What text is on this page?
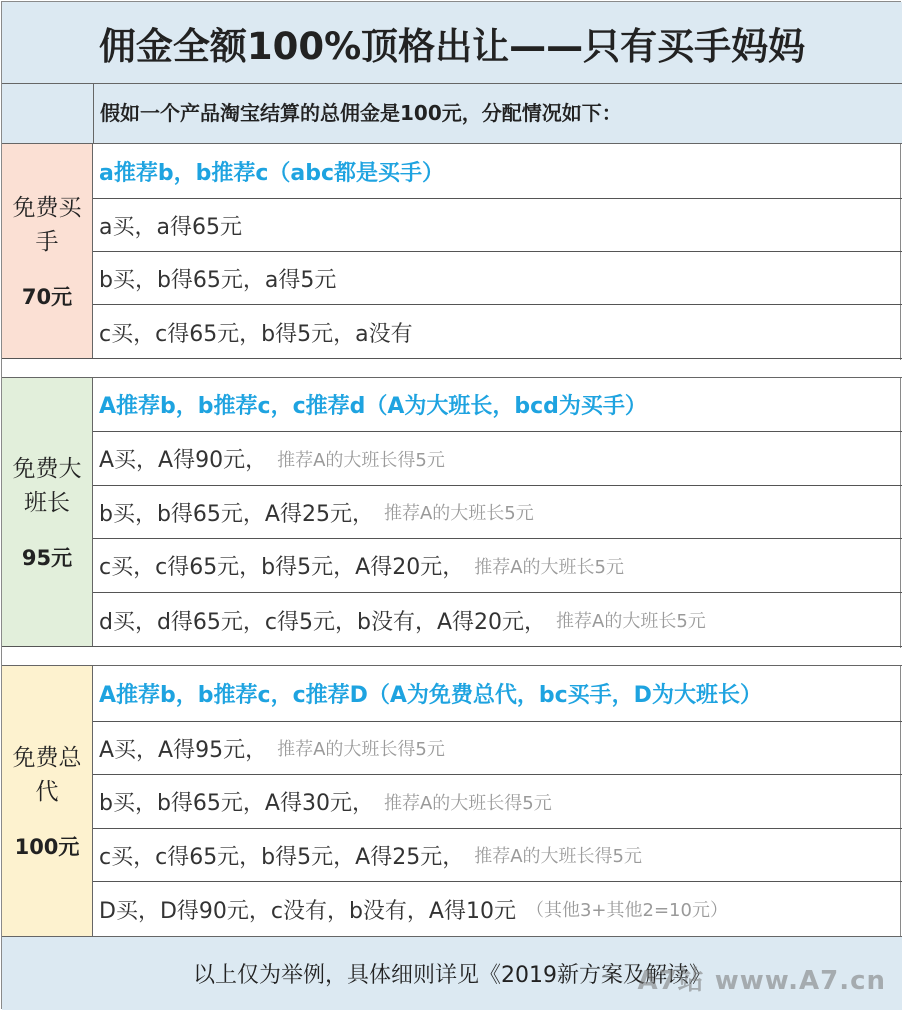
佣金全额100%顶格出让——只有买手妈妈
假如一个产品淘宝结算的总佣金是100元，分配情况如下：
免费买手
70元
a推荐b，b推荐c（abc都是买手）
a买，a得65元
b买，b得65元，a得5元
c买，c得65元，b得5元，a没有
免费大班长
95元
A推荐b，b推荐c，c推荐d（A为大班长，bcd为买手）
A买，A得90元， 推荐A的大班长得5元
b买，b得65元，A得25元， 推荐A的大班长5元
c买，c得65元，b得5元，A得20元， 推荐A的大班长5元
d买，d得65元，c得5元，b没有，A得20元， 推荐A的大班长5元
免费总代
100元
A推荐b，b推荐c，c推荐D（A为免费总代，bc买手，D为大班长）
A买，A得95元， 推荐A的大班长得5元
b买，b得65元，A得30元， 推荐A的大班长得5元
c买，c得65元，b得5元，A得25元， 推荐A的大班长得5元
D买，D得90元，c没有，b没有，A得10元 （其他3+其他2=10元）
以上仅为举例，具体细则详见《2019新方案及解读》
A7站 www.A7.cn
